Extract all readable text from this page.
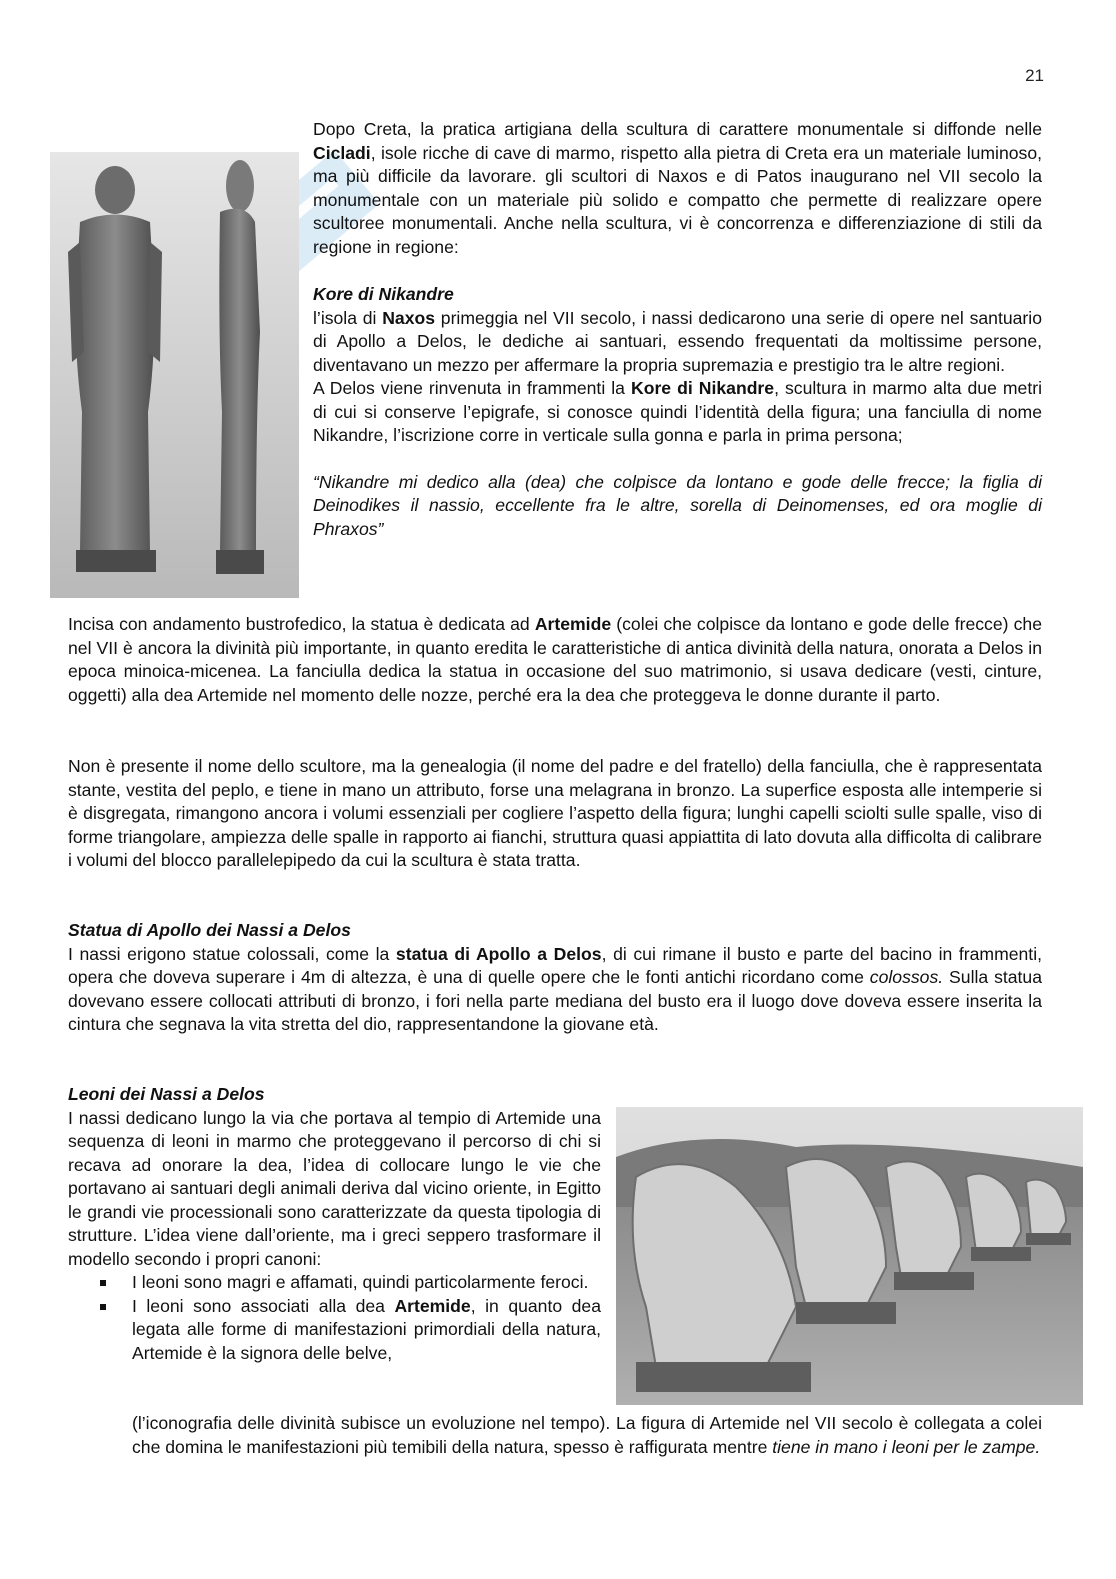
21
Dopo Creta, la pratica artigiana della scultura di carattere monumentale si diffonde nelle Cicladi, isole ricche di cave di marmo, rispetto alla pietra di Creta era un materiale luminoso, ma più difficile da lavorare. gli scultori di Naxos e di Patos inaugurano nel VII secolo la monumentale con un materiale più solido e compatto che permette di realizzare opere scultoree monumentali. Anche nella scultura, vi è concorrenza e differenziazione di stili da regione in regione:
Kore di Nikandre
l’isola di Naxos primeggia nel VII secolo, i nassi dedicarono una serie di opere nel santuario di Apollo a Delos, le dediche ai santuari, essendo frequentati da moltissime persone, diventavano un mezzo per affermare la propria supremazia e prestigio tra le altre regioni.
A Delos viene rinvenuta in frammenti la Kore di Nikandre, scultura in marmo alta due metri di cui si conserve l’epigrafe, si conosce quindi l’identità della figura; una fanciulla di nome Nikandre, l’iscrizione corre in verticale sulla gonna e parla in prima persona;
“Nikandre mi dedico alla (dea) che colpisce da lontano e gode delle frecce; la figlia di Deinodikes il nassio, eccellente fra le altre, sorella di Deinomenses, ed ora moglie di Phraxos”
Incisa con andamento bustrofedico, la statua è dedicata ad Artemide (colei che colpisce da lontano e gode delle frecce) che nel VII è ancora la divinità più importante, in quanto eredita le caratteristiche di antica divinità della natura, onorata a Delos in epoca minoica-micenea. La fanciulla dedica la statua in occasione del suo matrimonio, si usava dedicare (vesti, cinture, oggetti) alla dea Artemide nel momento delle nozze, perché era la dea che proteggeva le donne durante il parto.
Non è presente il nome dello scultore, ma la genealogia (il nome del padre e del fratello) della fanciulla, che è rappresentata stante, vestita del peplo, e tiene in mano un attributo, forse una melagrana in bronzo. La superfice esposta alle intemperie si è disgregata, rimangono ancora i volumi essenziali per cogliere l’aspetto della figura; lunghi capelli sciolti sulle spalle, viso di forme triangolare, ampiezza delle spalle in rapporto ai fianchi, struttura quasi appiattita di lato dovuta alla difficolta di calibrare i volumi del blocco parallelepipedo da cui la scultura è stata tratta.
Statua di Apollo dei Nassi a Delos
I nassi erigono statue colossali, come la statua di Apollo a Delos, di cui rimane il busto e parte del bacino in frammenti, opera che doveva superare i 4m di altezza, è una di quelle opere che le fonti antichi ricordano come colossos. Sulla statua dovevano essere collocati attributi di bronzo, i fori nella parte mediana del busto era il luogo dove doveva essere inserita la cintura che segnava la vita stretta del dio, rappresentandone la giovane età.
Leoni dei Nassi a Delos
I nassi dedicano lungo la via che portava al tempio di Artemide una sequenza di leoni in marmo che proteggevano il percorso di chi si recava ad onorare la dea, l’idea di collocare lungo le vie che portavano ai santuari degli animali deriva dal vicino oriente, in Egitto le grandi vie processionali sono caratterizzate da questa tipologia di strutture. L’idea viene dall’oriente, ma i greci seppero trasformare il modello secondo i propri canoni:
I leoni sono magri e affamati, quindi particolarmente feroci.
I leoni sono associati alla dea Artemide, in quanto dea legata alle forme di manifestazioni primordiali della natura, Artemide è la signora delle belve,
(l’iconografia delle divinità subisce un evoluzione nel tempo). La figura di Artemide nel VII secolo è collegata a colei che domina le manifestazioni più temibili della natura, spesso è raffigurata mentre tiene in mano i leoni per le zampe.
